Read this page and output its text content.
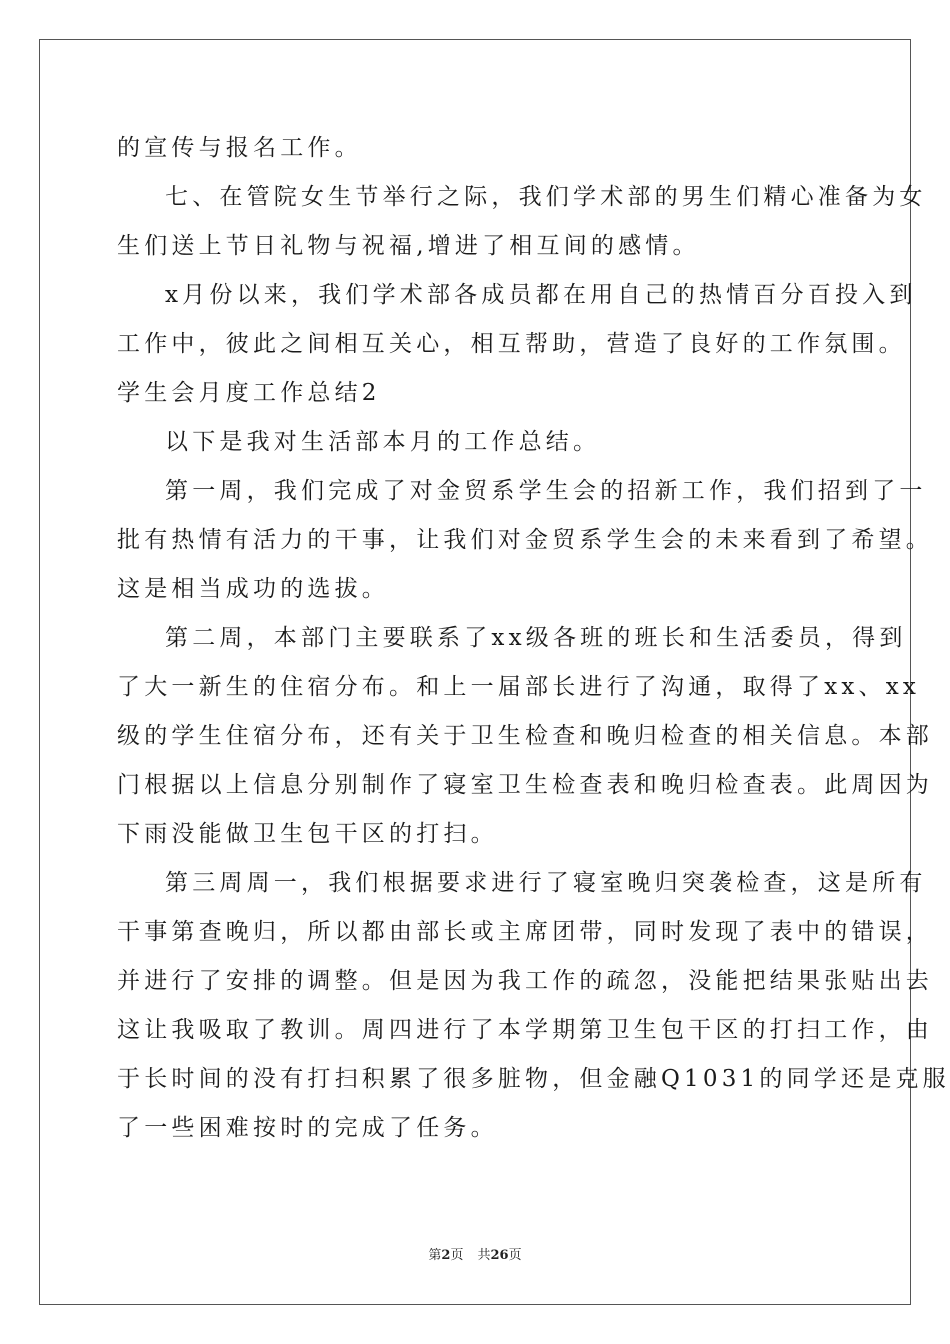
的宣传与报名工作。
七、在管院女生节举行之际，我们学术部的男生们精心准备为女
生们送上节日礼物与祝福,增进了相互间的感情。
x月份以来，我们学术部各成员都在用自己的热情百分百投入到
工作中，彼此之间相互关心，相互帮助，营造了良好的工作氛围。
学生会月度工作总结2
以下是我对生活部本月的工作总结。
第一周，我们完成了对金贸系学生会的招新工作，我们招到了一
批有热情有活力的干事，让我们对金贸系学生会的未来看到了希望。
这是相当成功的选拔。
第二周，本部门主要联系了xx级各班的班长和生活委员，得到
了大一新生的住宿分布。和上一届部长进行了沟通，取得了xx、xx
级的学生住宿分布，还有关于卫生检查和晚归检查的相关信息。本部
门根据以上信息分别制作了寝室卫生检查表和晚归检查表。此周因为
下雨没能做卫生包干区的打扫。
第三周周一，我们根据要求进行了寝室晚归突袭检查，这是所有
干事第查晚归，所以都由部长或主席团带，同时发现了表中的错误，
并进行了安排的调整。但是因为我工作的疏忽，没能把结果张贴出去
这让我吸取了教训。周四进行了本学期第卫生包干区的打扫工作，由
于长时间的没有打扫积累了很多脏物，但金融Q1031的同学还是克服
了一些困难按时的完成了任务。
第2页 共26页
